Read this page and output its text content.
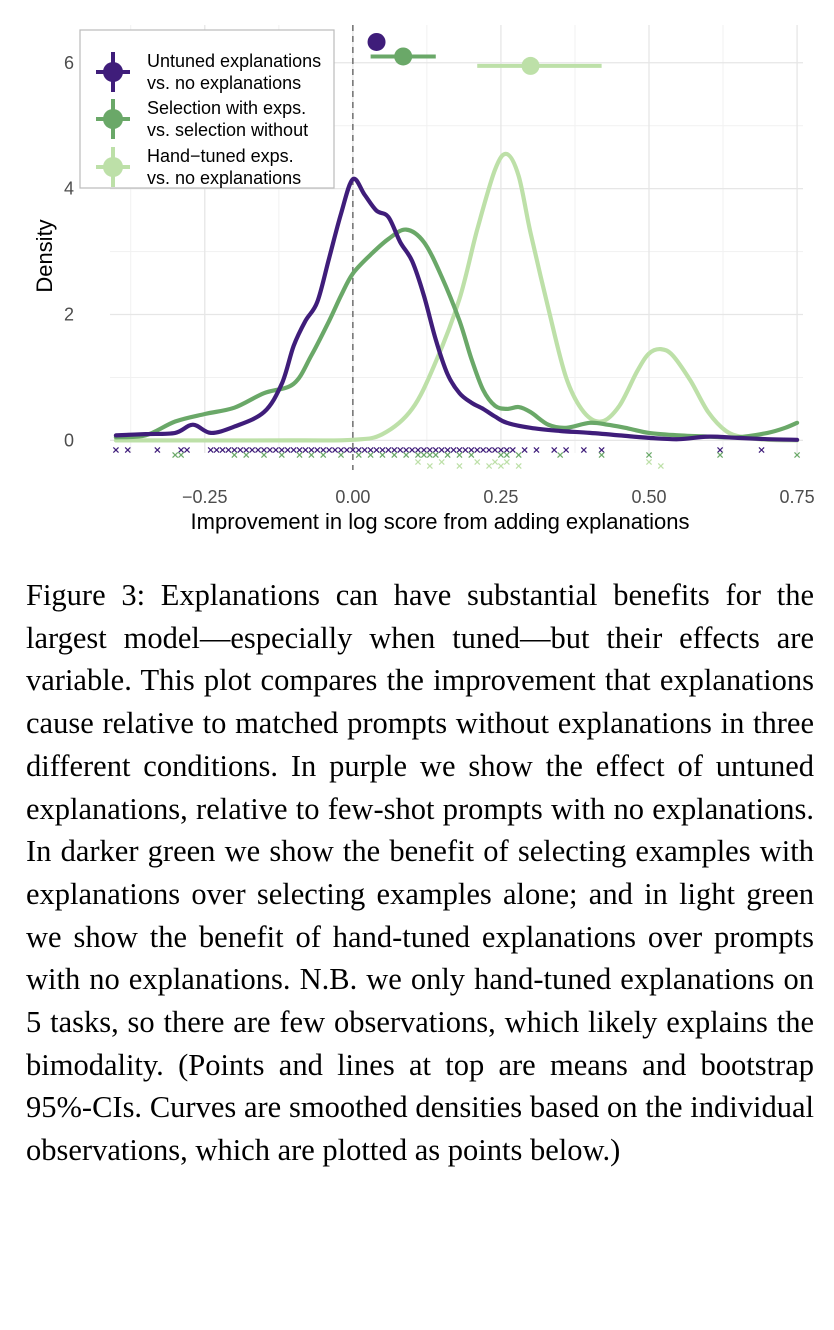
−0.25	0.00	0.25	0.50	0.75
0
2
4
6
Improvement in log score from adding explanations
Density
Untuned explanations
vs. no explanations
Selection with exps.
vs. selection without
Hand−tuned exps.
vs. no explanations

Figure 3: Explanations can have substantial benefits for the largest model—especially when tuned—but their effects are variable. This plot compares the improvement that explanations cause relative to matched prompts without explanations in three different conditions. In purple we show the effect of untuned explanations, relative to few-shot prompts with no explanations. In darker green we show the benefit of selecting examples with explanations over selecting examples alone; and in light green we show the benefit of hand-tuned explanations over prompts with no explanations. N.B. we only hand-tuned explanations on 5 tasks, so there are few observations, which likely explains the bimodality. (Points and lines at top are means and bootstrap 95%-CIs. Curves are smoothed densities based on the individual observations, which are plotted as points below.)
